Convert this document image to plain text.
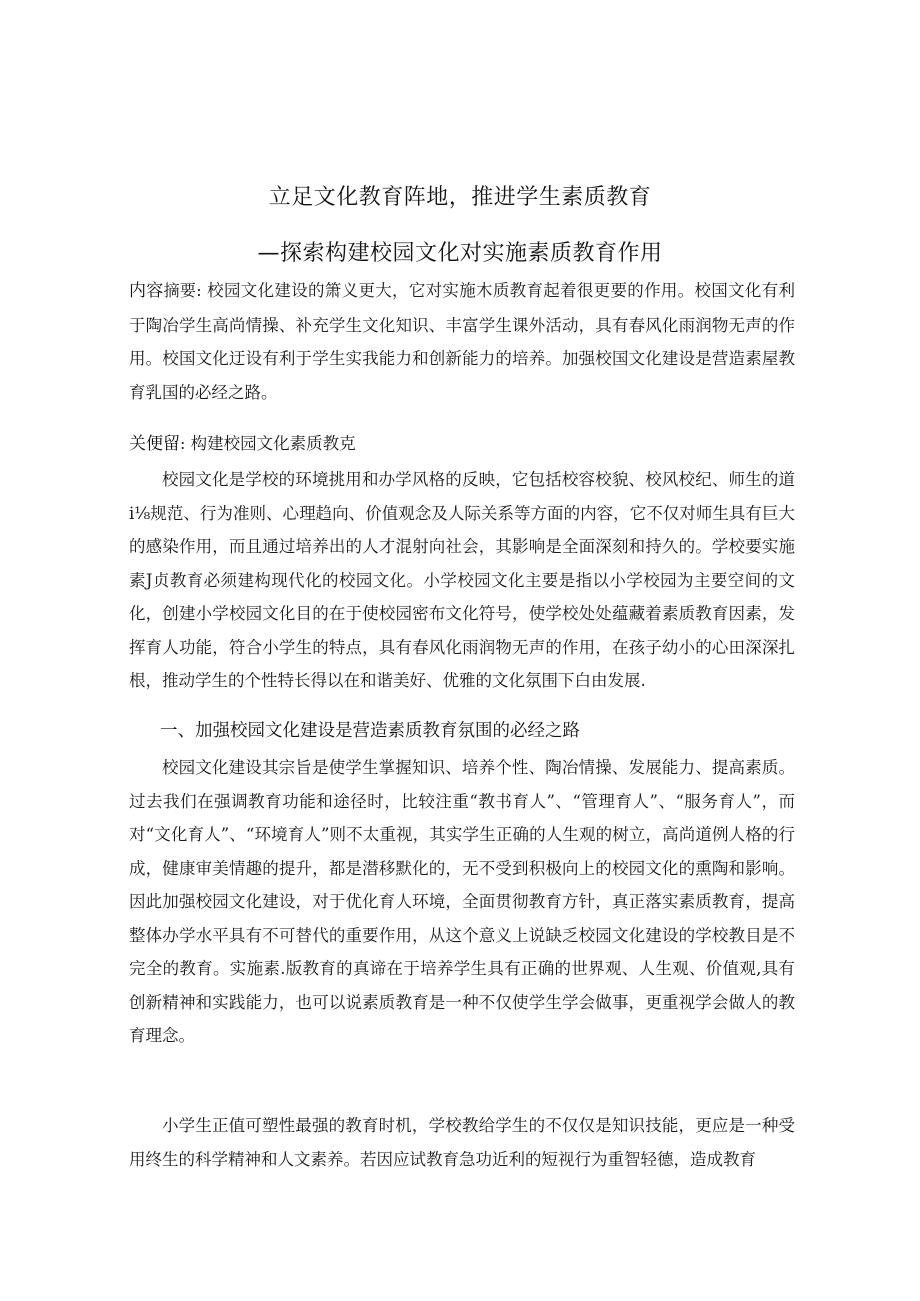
立足文化教育阵地，推进学生素质教育
—探索构建校园文化对实施素质教育作用

内容摘要: 校园文化建设的箫义更大，它对实施木质教育起着很更要的作用。校国文化有利于陶冶学生高尚情操、补充学生文化知识、丰富学生课外活动，具有春风化雨润物无声的作用。校国文化迂设有利于学生实我能力和创新能力的培养。加强校国文化建设是营造素屋教育乳国的必经之路。

关便留: 构建校园文化素质教克

校园文化是学校的环境挑用和办学风格的反映，它包括校容校貌、校风校纪、师生的道i⅛规范、行为准则、心理趋向、价值观念及人际关系等方面的内容，它不仅对师生具有巨大的感染作用，而且通过培养出的人才混射向社会，其影响是全面深刻和持久的。学校要实施素J贞教育必须建构现代化的校园文化。小学校园文化主要是指以小学校园为主要空间的文化，创建小学校园文化目的在于使校园密布文化符号，使学校处处蕴藏着素质教育因素，发挥育人功能，符合小学生的特点，具有春风化雨润物无声的作用，在孩子幼小的心田深深扎根，推动学生的个性特长得以在和谐美好、优雅的文化氛围下白由发展.

一、加强校园文化建设是营造素质教育氛围的必经之路

校园文化建设其宗旨是使学生掌握知识、培养个性、陶冶情操、发展能力、提高素质。过去我们在强调教育功能和途径时，比较注重“教书育人”、“管理育人”、“服务育人”，而对“文化育人”、“环境育人”则不太重视，其实学生正确的人生观的树立，高尚道例人格的行成，健康审美情趣的提升，都是潜移默化的，无不受到积极向上的校园文化的熏陶和影响。因此加强校园文化建设，对于优化育人环境，全面贯彻教育方针，真正落实素质教育，提高整体办学水平具有不可替代的重要作用，从这个意义上说缺乏校园文化建设的学校教目是不完全的教育。实施素.版教育的真谛在于培养学生具有正确的世界观、人生观、价值观,具有创新精神和实践能力，也可以说素质教育是一种不仅使学生学会做事，更重视学会做人的教育理念。

小学生正值可塑性最强的教育时机，学校教给学生的不仅仅是知识技能，更应是一种受用终生的科学精神和人文素养。若因应试教育急功近利的短视行为重智轻德，造成教育
